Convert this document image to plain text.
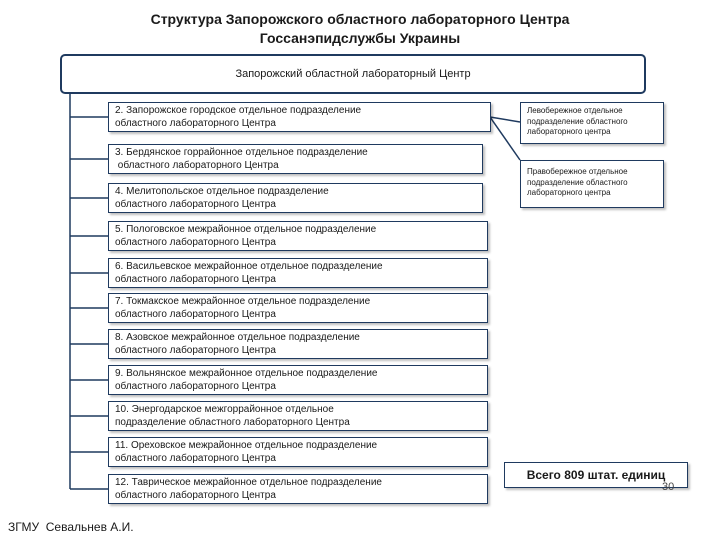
Структура Запорожского областного лабораторного Центра
Госсанэпидслужбы Украины
Запорожский областной лабораторный Центр
2. Запорожское городское отдельное подразделение
областного лабораторного Центра
3. Бердянское горрайонное отдельное подразделение
областного лабораторного Центра
4. Мелитопольское отдельное подразделение
областного лабораторного Центра
5. Пологовское межрайонное отдельное подразделение
областного лабораторного Центра
6. Васильевское межрайонное отдельное подразделение
областного лабораторного Центра
7. Токмакское межрайонное отдельное подразделение
областного лабораторного Центра
8. Азовское межрайонное отдельное подразделение
областного лабораторного Центра
9. Вольнянское межрайонное отдельное подразделение
областного лабораторного Центра
10. Энергодарское межгоррайонное отдельное
подразделение областного лабораторного Центра
11. Ореховское межрайонное отдельное подразделение
областного лабораторного Центра
12. Таврическое межрайонное отдельное подразделение
областного лабораторного Центра
Левобережное отдельное
подразделение областного
лабораторного центра
Правобережное отдельное
подразделение областного
лабораторного центра
Всего 809 штат. единиц
30
ЗГМУ  Севальнев А.И.
